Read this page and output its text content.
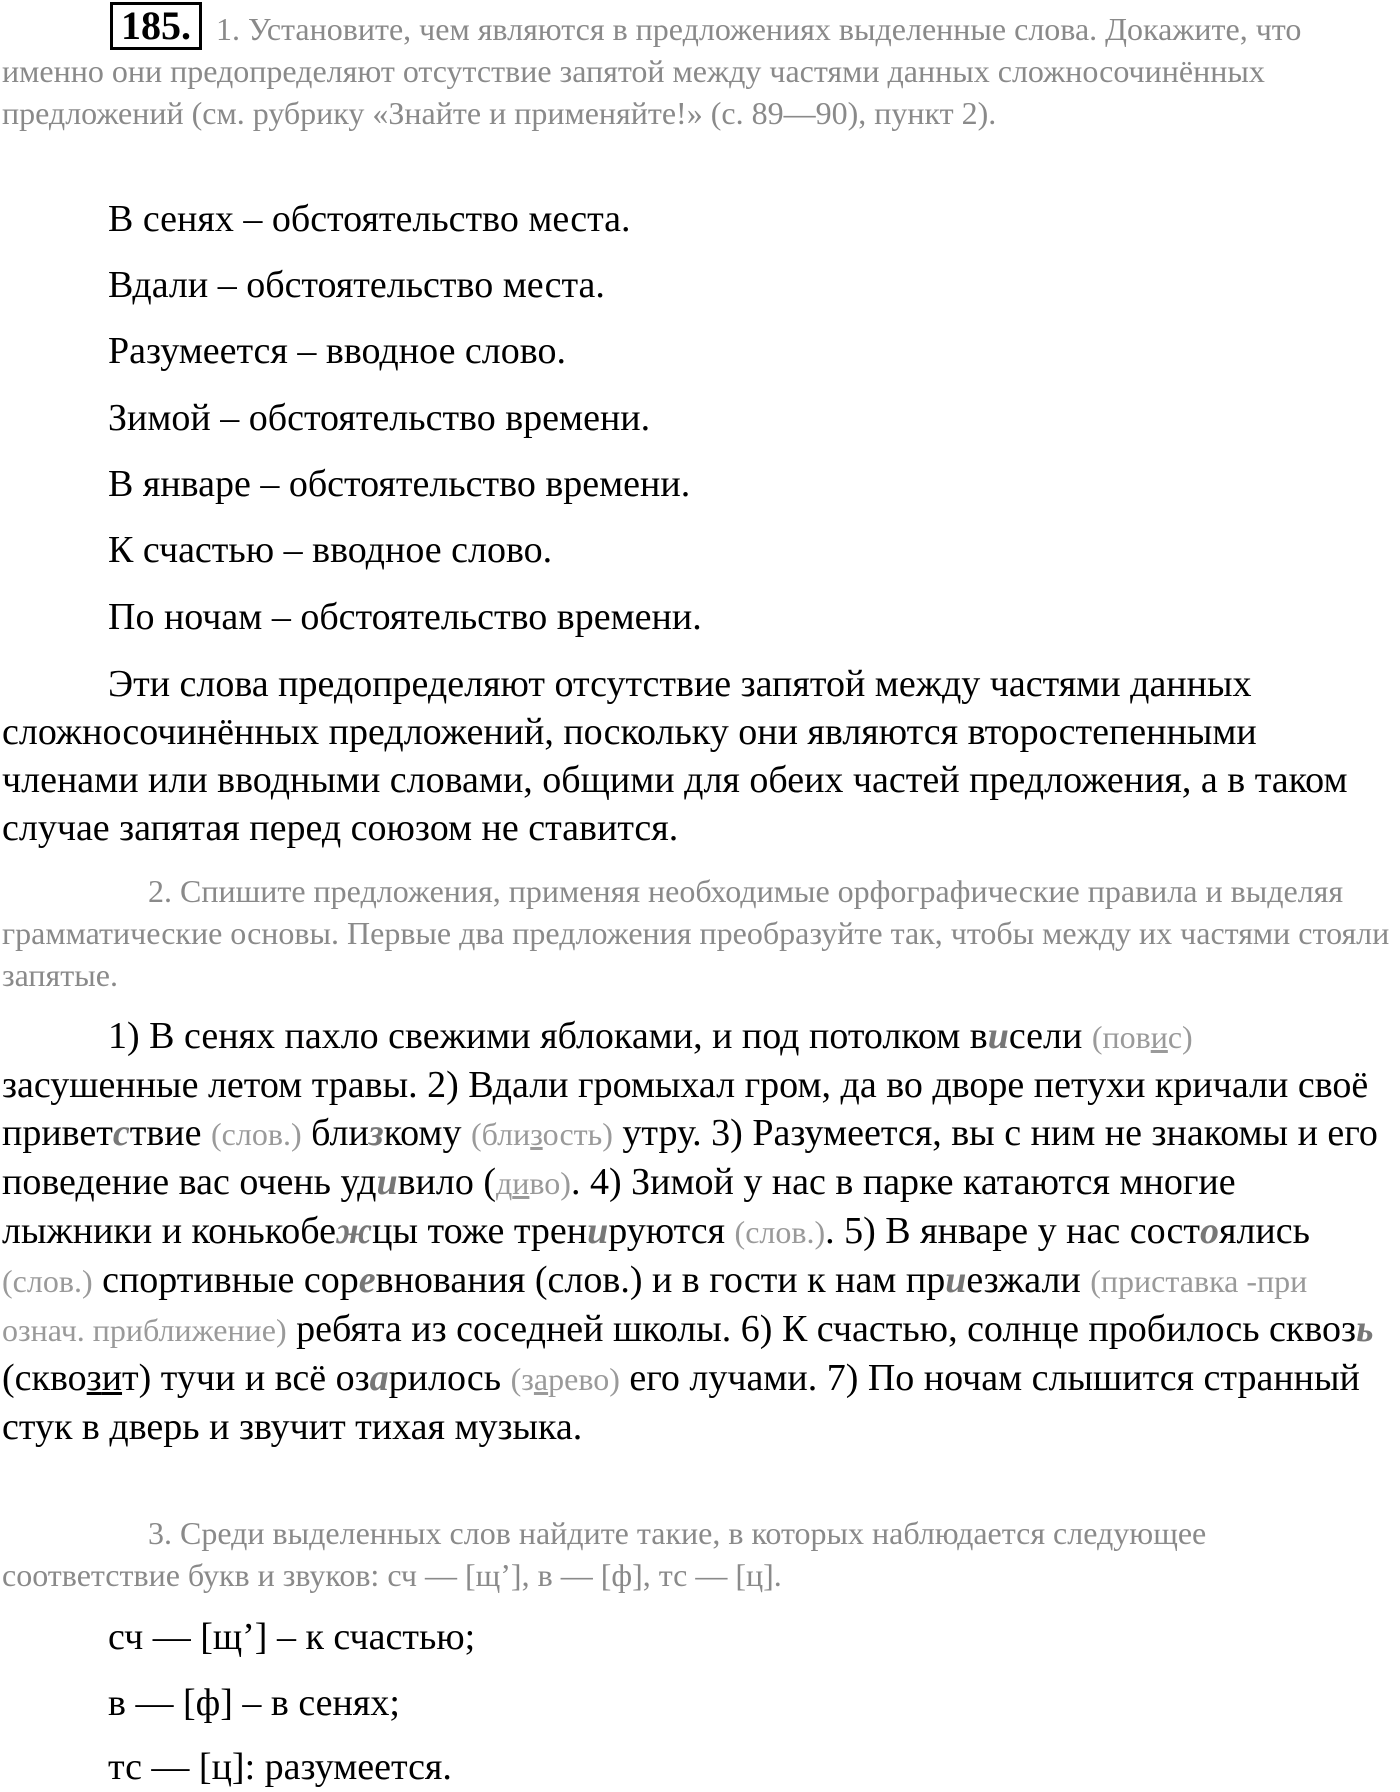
185. 1. Установите, чем являются в предложениях выделенные слова. Докажите, что именно они предопределяют отсутствие запятой между частями данных сложносочинённых предложений (см. рубрику «Знайте и применяйте!» (с. 89—90), пункт 2).
В сенях – обстоятельство места.
Вдали – обстоятельство места.
Разумеется – вводное слово.
Зимой – обстоятельство времени.
В январе – обстоятельство времени.
К счастью – вводное слово.
По ночам – обстоятельство времени.
Эти слова предопределяют отсутствие запятой между частями данных сложносочинённых предложений, поскольку они являются второстепенными членами или вводными словами, общими для обеих частей предложения, а в таком случае запятая перед союзом не ставится.
2. Спишите предложения, применяя необходимые орфографические правила и выделяя грамматические основы. Первые два предложения преобразуйте так, чтобы между их частями стояли запятые.
1) В сенях пахло свежими яблоками, и под потолком висели (повис) засушенные летом травы. 2) Вдали громыхал гром, да во дворе петухи кричали своё приветствие (слов.) близкому (близость) утру. 3) Разумеется, вы с ним не знакомы и его поведение вас очень удивило (диво). 4) Зимой у нас в парке катаются многие лыжники и конькобежцы тоже тренируются (слов.). 5) В январе у нас состоялись (слов.) спортивные соревнования (слов.) и в гости к нам приезжали (приставка -при означ. приближение) ребята из соседней школы. 6) К счастью, солнце пробилось сквозь (сквозит) тучи и всё озарилось (зарево) его лучами. 7) По ночам слышится странный стук в дверь и звучит тихая музыка.
3. Среди выделенных слов найдите такие, в которых наблюдается следующее соответствие букв и звуков: сч — [щ’], в — [ф], тс — [ц].
сч — [щ’] – к счастью;
в — [ф] – в сенях;
тс — [ц]: разумеется.
